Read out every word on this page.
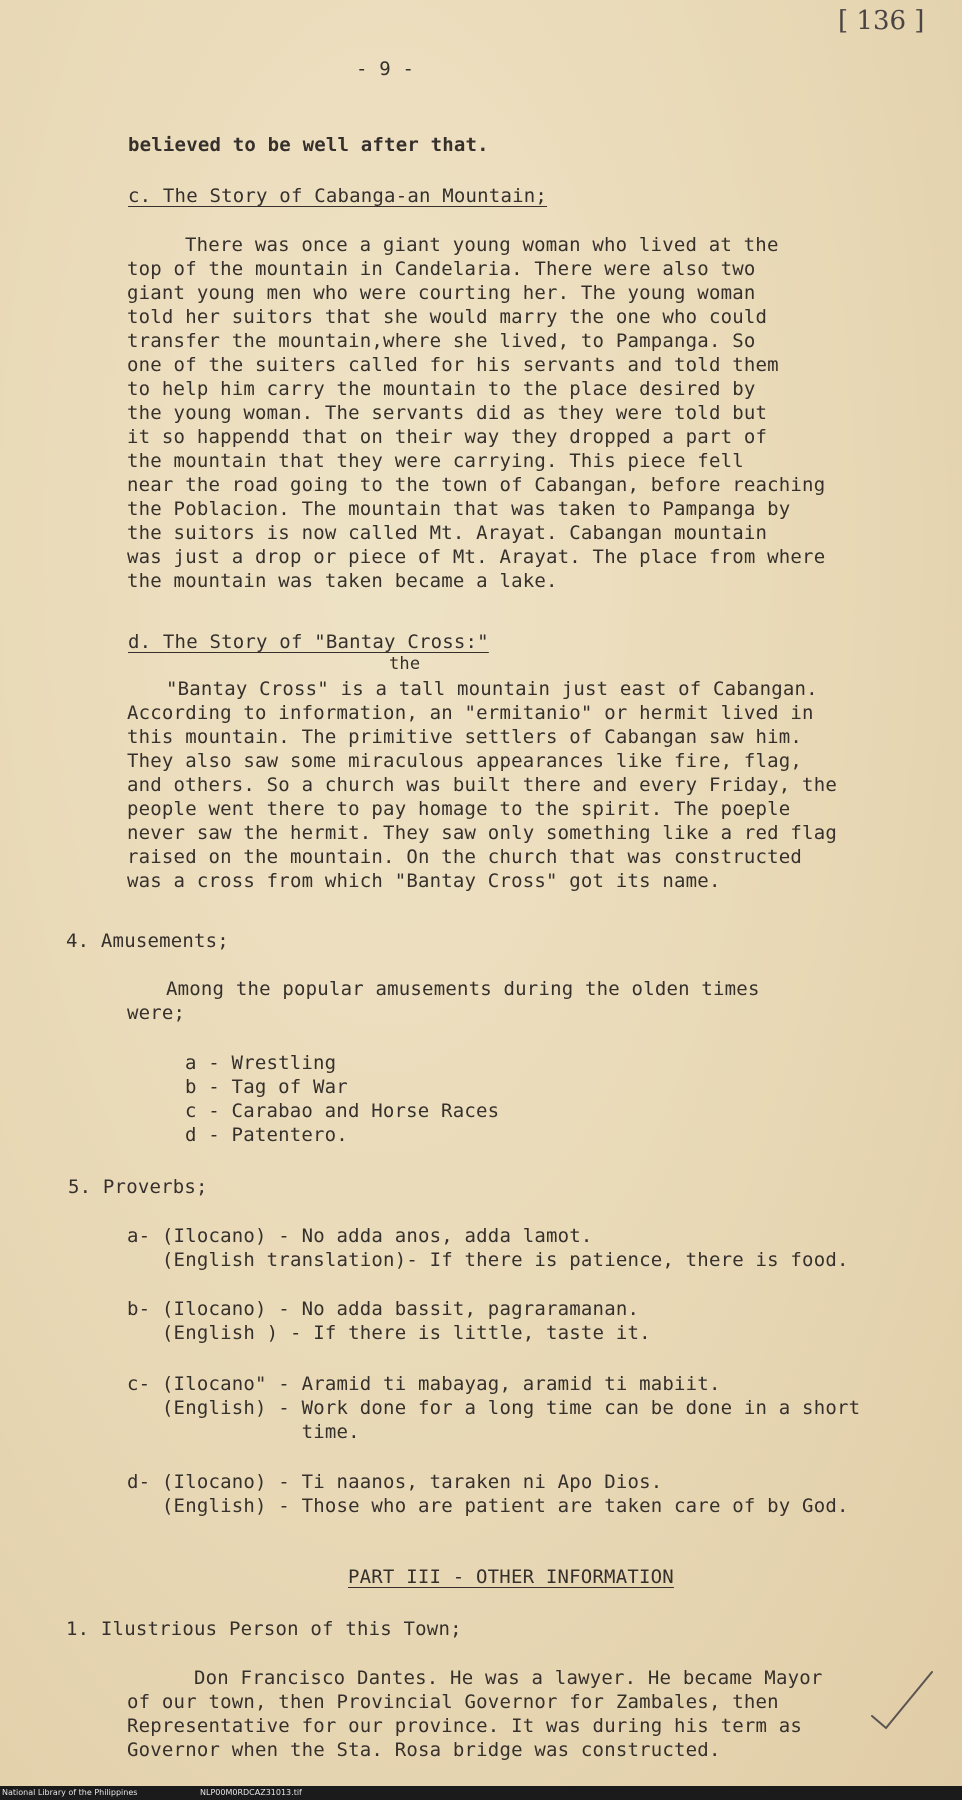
[ 136 ]
- 9 -
believed to be well after that.
c. The Story of Cabanga-an Mountain;
There was once a giant young woman who lived at the
top of the mountain in Candelaria. There were also two
giant young men who were courting her. The young woman
told her suitors that she would marry the one who could
transfer the mountain,where she lived, to Pampanga. So
one of the suiters called for his servants and told them
to help him carry the mountain to the place desired by
the young woman. The servants did as they were told but
it so happendd that on their way they dropped a part of
the mountain that they were carrying. This piece fell
near the road going to the town of Cabangan, before reaching
the Poblacion. The mountain that was taken to Pampanga by
the suitors is now called Mt. Arayat. Cabangan mountain
was just a drop or piece of Mt. Arayat. The place from where
the mountain was taken became a lake.
d. The Story of "Bantay Cross:"
the
"Bantay Cross" is a tall mountain just east of Cabangan.
According to information, an "ermitanio" or hermit lived in
this mountain. The primitive settlers of Cabangan saw him.
They also saw some miraculous appearances like fire, flag,
and others. So a church was built there and every Friday, the
people went there to pay homage to the spirit. The poeple
never saw the hermit. They saw only something like a red flag
raised on the mountain. On the church that was constructed
was a cross from which "Bantay Cross" got its name.
4. Amusements;
Among the popular amusements during the olden times
were;
a - Wrestling
b - Tag of War
c - Carabao and Horse Races
d - Patentero.
5. Proverbs;
a- (Ilocano) - No adda anos, adda lamot.
(English translation)- If there is patience, there is food.
b- (Ilocano) - No adda bassit, pagraramanan.
(English ) - If there is little, taste it.
c- (Ilocano" - Aramid ti mabayag, aramid ti mabiit.
(English) - Work done for a long time can be done in a short
time.
d- (Ilocano) - Ti naanos, taraken ni Apo Dios.
(English) - Those who are patient are taken care of by God.
PART III - OTHER INFORMATION
1. Ilustrious Person of this Town;
Don Francisco Dantes. He was a lawyer. He became Mayor
of our town, then Provincial Governor for Zambales, then
Representative for our province. It was during his term as
Governor when the Sta. Rosa bridge was constructed.
National Library of the Philippines	NLP00M0RDCAZ31013.tif
